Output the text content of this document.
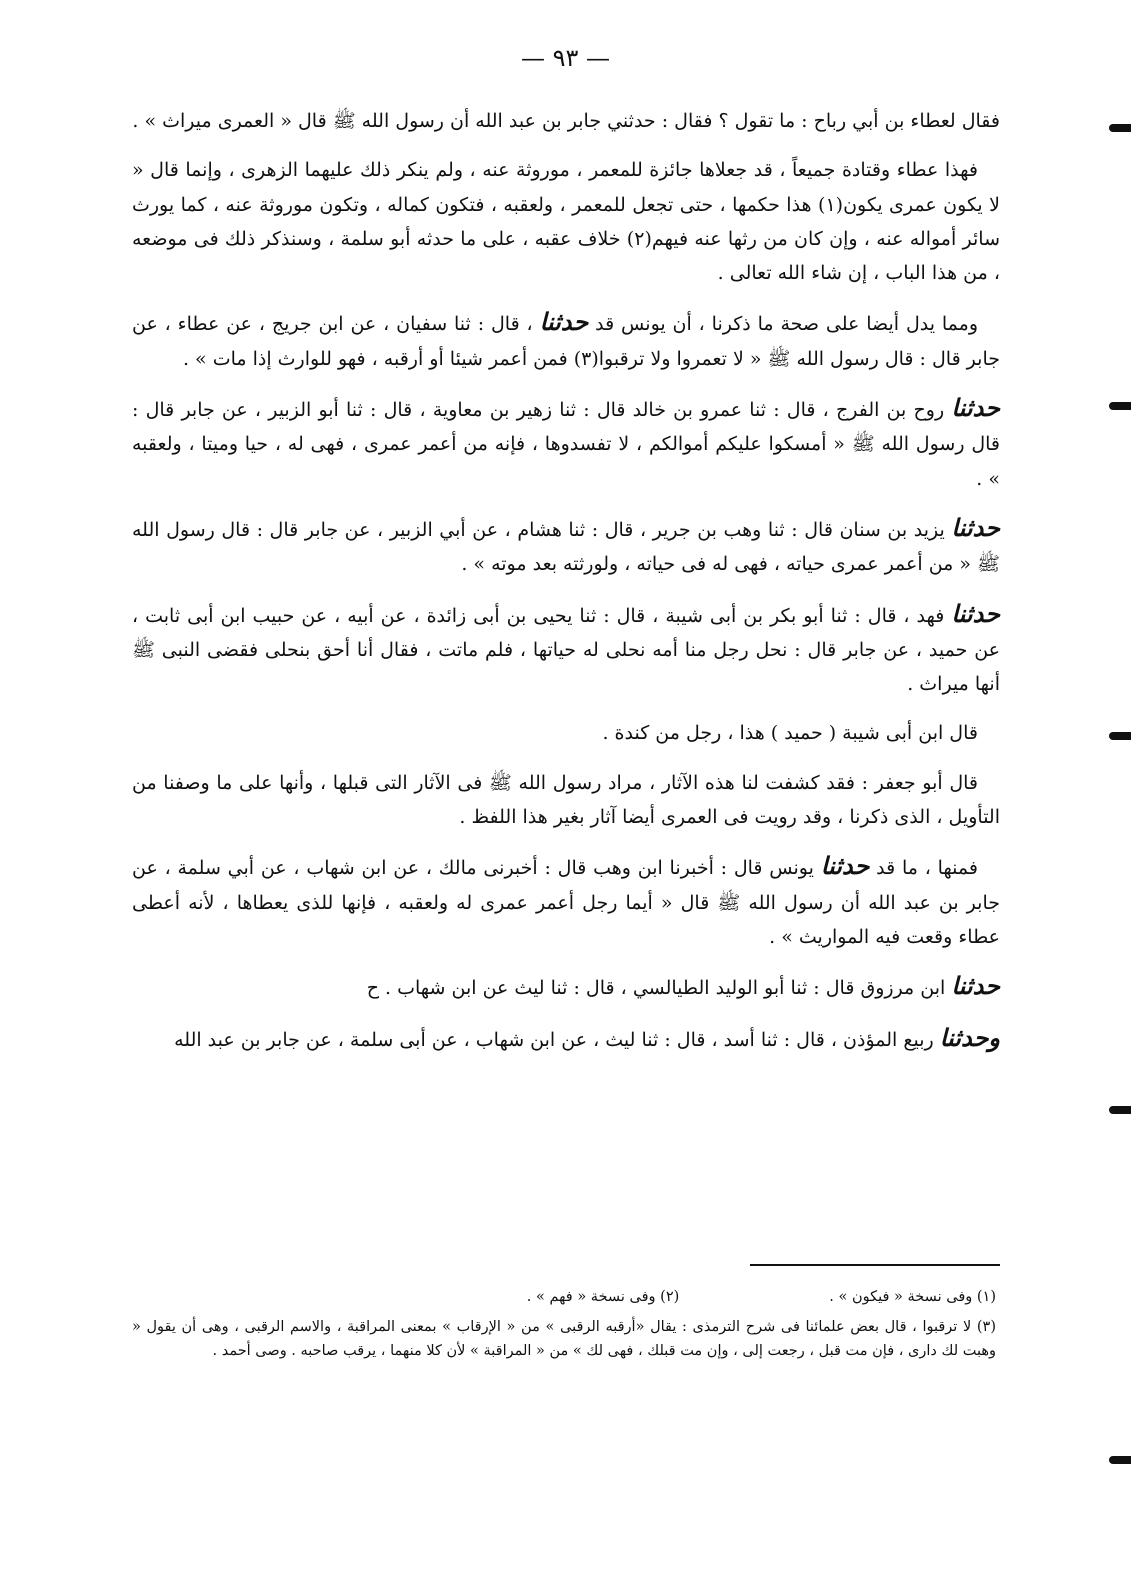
— ٩٣ —

فقال لعطاء بن أبي رباح : ما تقول ؟ فقال : حدثني جابر بن عبد الله أن رسول الله ﷺ قال « العمرى ميراث » .

فهذا عطاء وقتادة جميعاً ، قد جعلاها جائزة للمعمر ، موروثة عنه ، ولم ينكر ذلك عليهما الزهرى ، وإنما قال « لا يكون عمرى يكون(١) هذا حكمها ، حتى تجعل للمعمر ، ولعقبه ، فتكون كماله ، وتكون موروثة عنه ، كما يورث سائر أمواله عنه ، وإن كان من رثها عنه فيهم(٢) خلاف عقبه ، على ما حدثه أبو سلمة ، وسنذكر ذلك فى موضعه ، من هذا الباب ، إن شاء الله تعالى .

ومما يدل أيضا على صحة ما ذكرنا ، أن يونس قد حدثنا ، قال : ثنا سفيان ، عن ابن جريج ، عن عطاء ، عن جابر قال : قال رسول الله ﷺ « لا تعمروا ولا ترقبوا(٣) فمن أعمر شيئا أو أرقبه ، فهو للوارث إذا مات » .

حدثنا روح بن الفرج ، قال : ثنا عمرو بن خالد قال : ثنا زهير بن معاوية ، قال : ثنا أبو الزبير ، عن جابر قال : قال رسول الله ﷺ « أمسكوا عليكم أموالكم ، لا تفسدوها ، فإنه من أعمر عمرى ، فهى له ، حيا وميتا ، ولعقبه » .

حدثنا يزيد بن سنان قال : ثنا وهب بن جرير ، قال : ثنا هشام ، عن أبي الزبير ، عن جابر قال : قال رسول الله ﷺ « من أعمر عمرى حياته ، فهى له فى حياته ، ولورثته بعد موته » .

حدثنا فهد ، قال : ثنا أبو بكر بن أبى شيبة ، قال : ثنا يحيى بن أبى زائدة ، عن أبيه ، عن حبيب ابن أبى ثابت ، عن حميد ، عن جابر قال : نحل رجل منا أمه نحلى له حياتها ، فلم ماتت ، فقال أنا أحق بنحلى فقضى النبى ﷺ أنها ميراث .

قال ابن أبى شيبة ( حميد ) هذا ، رجل من كندة .

قال أبو جعفر : فقد كشفت لنا هذه الآثار ، مراد رسول الله ﷺ فى الآثار التى قبلها ، وأنها على ما وصفنا من التأويل ، الذى ذكرنا ، وقد رويت فى العمرى أيضا آثار بغير هذا اللفظ .

فمنها ، ما قد حدثنا يونس قال : أخبرنا ابن وهب قال : أخبرنى مالك ، عن ابن شهاب ، عن أبي سلمة ، عن جابر بن عبد الله أن رسول الله ﷺ قال « أيما رجل أعمر عمرى له ولعقبه ، فإنها للذى يعطاها ، لأنه أعطى عطاء وقعت فيه المواريث » .

حدثنا ابن مرزوق قال : ثنا أبو الوليد الطيالسي ، قال : ثنا ليث عن ابن شهاب . ح

وحدثنا ربيع المؤذن ، قال : ثنا أسد ، قال : ثنا ليث ، عن ابن شهاب ، عن أبى سلمة ، عن جابر بن عبد الله

(١) وفى نسخة « فيكون » .
(٢) وفى نسخة « فهم » .
(٣) لا ترقبوا ، قال بعض علمائنا فى شرح الترمذى : يقال «أرقبه الرقبى » من « الإرقاب » بمعنى المراقبة ، والاسم الرقبى ، وهى أن يقول « وهبت لك دارى ، فإن مت قبل ، رجعت إلى ، وإن مت قبلك ، فهى لك » من « المراقبة » لأن كلا منهما ، يرقب صاحبه . وصى أحمد .
